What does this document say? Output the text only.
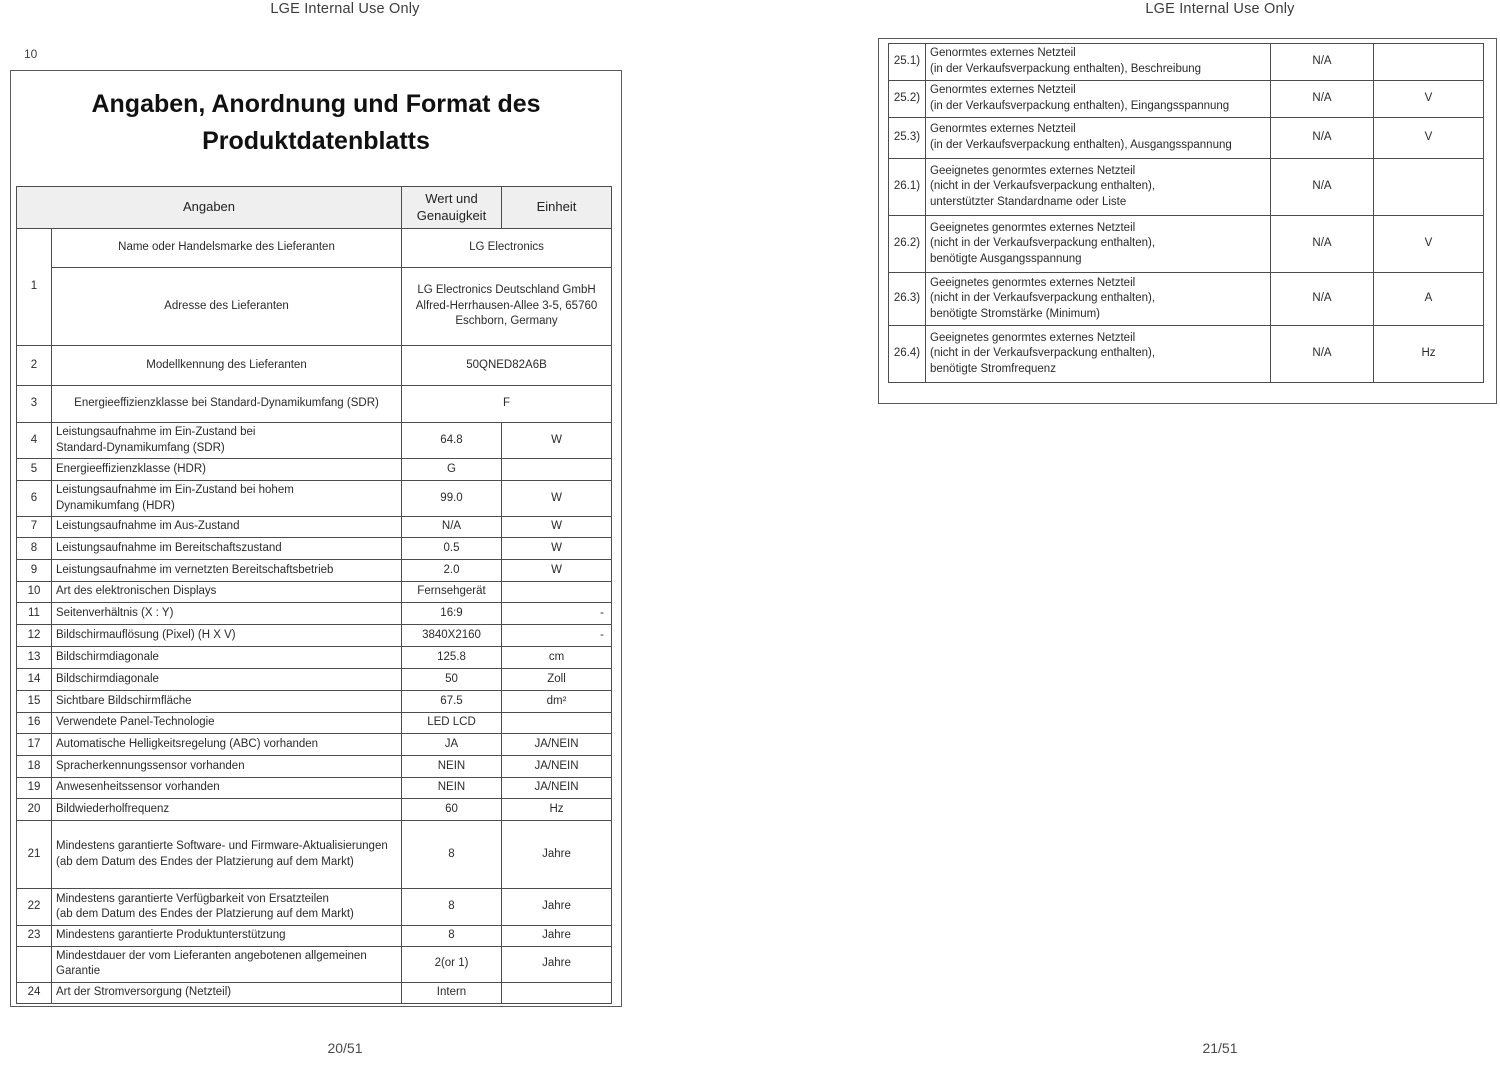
LGE Internal Use Only	LGE Internal Use Only
10
Angaben, Anordnung und Format des
Produktdatenblatts
Angaben		Wert und Genauigkeit	Einheit
1	Name oder Handelsmarke des Lieferanten	LG Electronics	
	Adresse des Lieferanten	LG Electronics Deutschland GmbH
Alfred-Herrhausen-Allee 3-5, 65760
Eschborn, Germany	
2	Modellkennung des Lieferanten	50QNED82A6B	
3	Energieeffizienzklasse bei Standard-Dynamikumfang (SDR)	F	
4	Leistungsaufnahme im Ein-Zustand bei
Standard-Dynamikumfang (SDR)	64.8	W
5	Energieeffizienzklasse (HDR)	G	
6	Leistungsaufnahme im Ein-Zustand bei hohem
Dynamikumfang (HDR)	99.0	W
7	Leistungsaufnahme im Aus-Zustand	N/A	W
8	Leistungsaufnahme im Bereitschaftszustand	0.5	W
9	Leistungsaufnahme im vernetzten Bereitschaftsbetrieb	2.0	W
10	Art des elektronischen Displays	Fernsehgerät	
11	Seitenverhältnis (X : Y)	16:9	-
12	Bildschirmauflösung (Pixel) (H X V)	3840X2160	-
13	Bildschirmdiagonale	125.8	cm
14	Bildschirmdiagonale	50	Zoll
15	Sichtbare Bildschirmfläche	67.5	dm²
16	Verwendete Panel-Technologie	LED LCD	
17	Automatische Helligkeitsregelung (ABC) vorhanden	JA	JA/NEIN
18	Spracherkennungssensor vorhanden	NEIN	JA/NEIN
19	Anwesenheitssensor vorhanden	NEIN	JA/NEIN
20	Bildwiederholfrequenz	60	Hz
21	Mindestens garantierte Software- und Firmware-Aktualisierungen
(ab dem Datum des Endes der Platzierung auf dem Markt)	8	Jahre
22	Mindestens garantierte Verfügbarkeit von Ersatzteilen
(ab dem Datum des Endes der Platzierung auf dem Markt)	8	Jahre
23	Mindestens garantierte Produktunterstützung	8	Jahre
	Mindestdauer der vom Lieferanten angebotenen allgemeinen
Garantie	2(or 1)	Jahre
24	Art der Stromversorgung (Netzteil)	Intern	
25.1)	Genormtes externes Netzteil
(in der Verkaufsverpackung enthalten), Beschreibung	N/A	
25.2)	Genormtes externes Netzteil
(in der Verkaufsverpackung enthalten), Eingangsspannung	N/A	V
25.3)	Genormtes externes Netzteil
(in der Verkaufsverpackung enthalten), Ausgangsspannung	N/A	V
26.1)	Geeignetes genormtes externes Netzteil
(nicht in der Verkaufsverpackung enthalten),
unterstützter Standardname oder Liste	N/A	
26.2)	Geeignetes genormtes externes Netzteil
(nicht in der Verkaufsverpackung enthalten),
benötigte Ausgangsspannung	N/A	V
26.3)	Geeignetes genormtes externes Netzteil
(nicht in der Verkaufsverpackung enthalten),
benötigte Stromstärke (Minimum)	N/A	A
26.4)	Geeignetes genormtes externes Netzteil
(nicht in der Verkaufsverpackung enthalten),
benötigte Stromfrequenz	N/A	Hz
20/51	21/51
